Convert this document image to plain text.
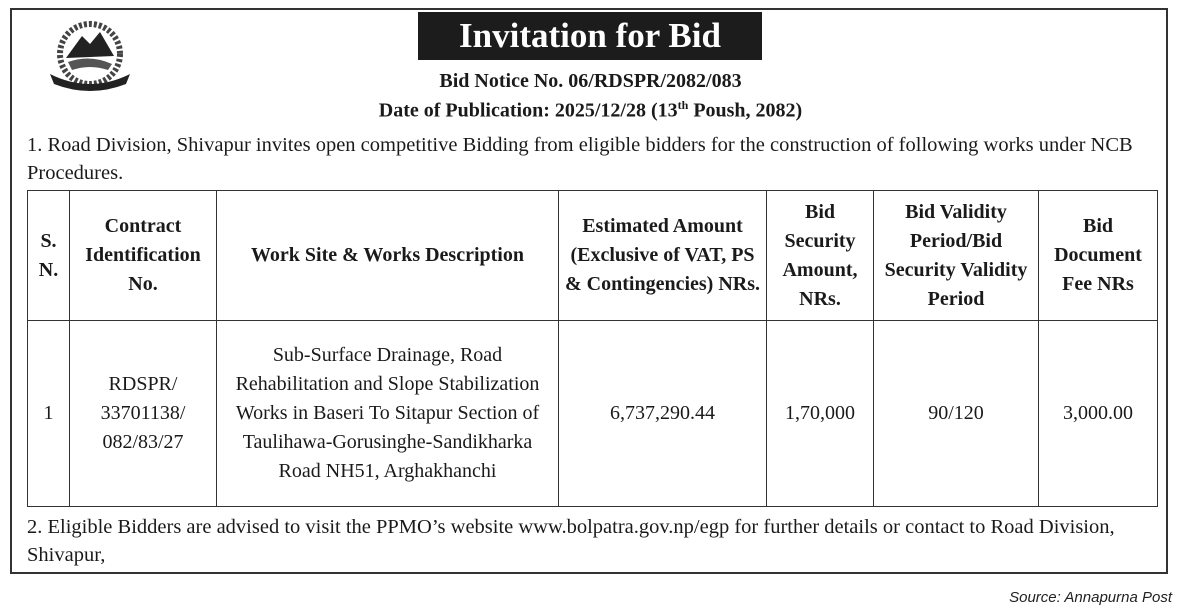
Invitation for Bid
Bid Notice No. 06/RDSPR/2082/083
Date of Publication: 2025/12/28 (13th Poush, 2082)
1. Road Division, Shivapur invites open competitive Bidding from eligible bidders for the construction of following works under NCB Procedures.
S. N.	Contract Identification No.	Work Site & Works Description	Estimated Amount (Exclusive of VAT, PS & Contingencies) NRs.	Bid Security Amount, NRs.	Bid Validity Period/Bid Security Validity Period	Bid Document Fee NRs
1	RDSPR/ 33701138/ 082/83/27	Sub-Surface Drainage, Road Rehabilitation and Slope Stabilization Works in Baseri To Sitapur Section of Taulihawa-Gorusinghe-Sandikharka Road NH51, Arghakhanchi	6,737,290.44	1,70,000	90/120	3,000.00
2. Eligible Bidders are advised to visit the PPMO’s website www.bolpatra.gov.np/egp for further details or contact to Road Division, Shivapur,
Source: Annapurna Post
